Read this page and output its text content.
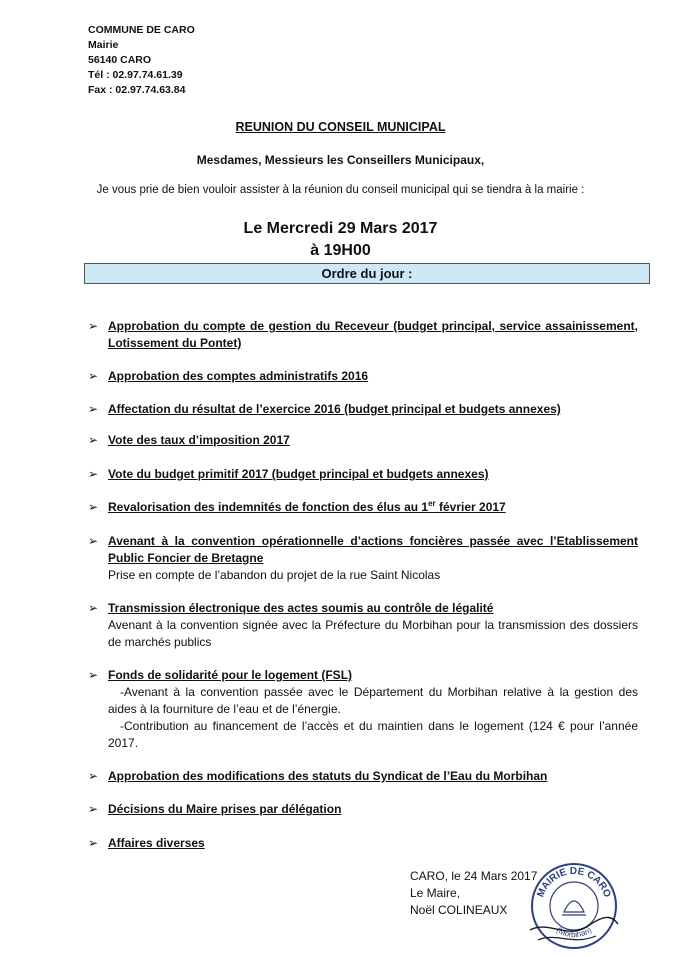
COMMUNE DE CARO
Mairie
56140 CARO
Tél : 02.97.74.61.39
Fax : 02.97.74.63.84
REUNION DU CONSEIL MUNICIPAL
Mesdames, Messieurs les Conseillers Municipaux,
Je vous prie de bien vouloir assister à la réunion du conseil municipal qui se tiendra à la mairie :
Le Mercredi 29 Mars 2017
à 19H00
Ordre du jour :
➢ Approbation du compte de gestion du Receveur (budget principal, service assainissement, Lotissement du Pontet)
➢ Approbation des comptes administratifs 2016
➢ Affectation du résultat de l’exercice 2016 (budget principal et budgets annexes)
➢ Vote des taux d’imposition 2017
➢ Vote du budget primitif 2017 (budget principal et budgets annexes)
➢ Revalorisation des indemnités de fonction des élus au 1er février 2017
➢ Avenant à la convention opérationnelle d’actions foncières passée avec l’Etablissement Public Foncier de Bretagne
Prise en compte de l’abandon du projet de la rue Saint Nicolas
➢ Transmission électronique des actes soumis au contrôle de légalité
Avenant à la convention signée avec la Préfecture du Morbihan pour la transmission des dossiers de marchés publics
➢ Fonds de solidarité pour le logement (FSL)
-Avenant à la convention passée avec le Département du Morbihan relative à la gestion des aides à la fourniture de l’eau et de l’énergie.
-Contribution au financement de l’accès et du maintien dans le logement (124 € pour l’année 2017.
➢ Approbation des modifications des statuts du Syndicat de l’Eau du Morbihan
➢ Décisions du Maire prises par délégation
➢ Affaires diverses
CARO, le 24 Mars 2017
Le Maire,
Noël COLINEAUX
MAIRIE DE CARO
(Morbihan)
